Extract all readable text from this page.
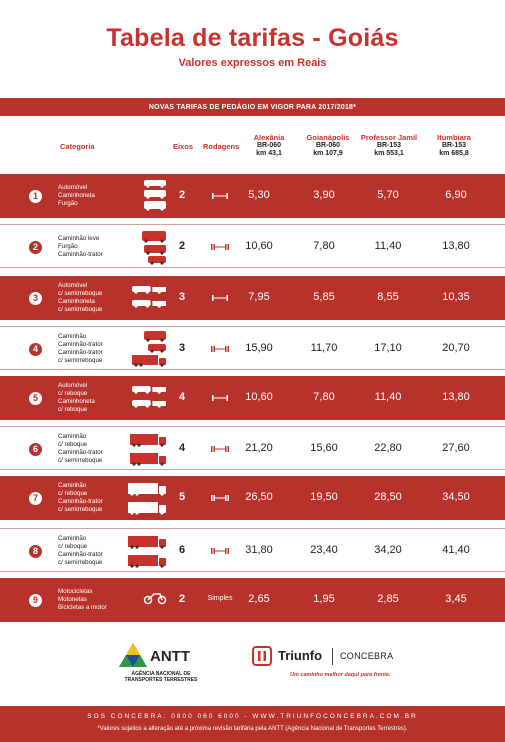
Tabela de tarifas - Goiás
Valores expressos em Reais
NOVAS TARIFAS DE PEDÁGIO EM VIGOR PARA 2017/2018*
Categoria	Eixos Rodagens
Alexânia
BR-060
km 43,1
Goianápolis
BR-060
km 107,9
Professor Jamil
BR-153
km 553,1
Itumbiara
BR-153
km 685,8
1
Automóvel
Caminhoneta
Furgão
2	5,30	3,90	5,70	6,90
2
Caminhão leve
Furgão
Caminhão-trator
2	10,60	7,80	11,40	13,80
3
Automóvel
c/ semirreboque
Caminhoneta
c/ semirreboque
3	7,95	5,85	8,55	10,35
4
Caminhão
Caminhão-trator
Caminhão-trator
c/ semirreboque
3	15,90	11,70	17,10	20,70
5
Automóvel
c/ reboque
Caminhoneta
c/ reboque
4	10,60	7,80	11,40	13,80
6
Caminhão
c/ reboque
Caminhão-trator
c/ semirreboque
4	21,20	15,60	22,80	27,60
7
Caminhão
c/ reboque
Caminhão-trator
c/ semirreboque
5	26,50	19,50	28,50	34,50
8
Caminhão
c/ reboque
Caminhão-trator
c/ semirreboque
6	31,80	23,40	34,20	41,40
9
Motocicletas
Motonetas
Bicicletas a motor
2	Simples	2,65	1,95	2,85	3,45
ANTT
AGÊNCIA NACIONAL DE
TRANSPORTES TERRESTRES
Triunfo CONCEBRA
Um caminho melhor daqui para frente.
SOS CONCEBRA: 0800 060 6000 - WWW.TRIUNFOCONCEBRA.COM.BR
*Valores sujeitos a alteração até a próxima revisão tarifária pela ANTT (Agência Nacional de Transportes Terrestres).
